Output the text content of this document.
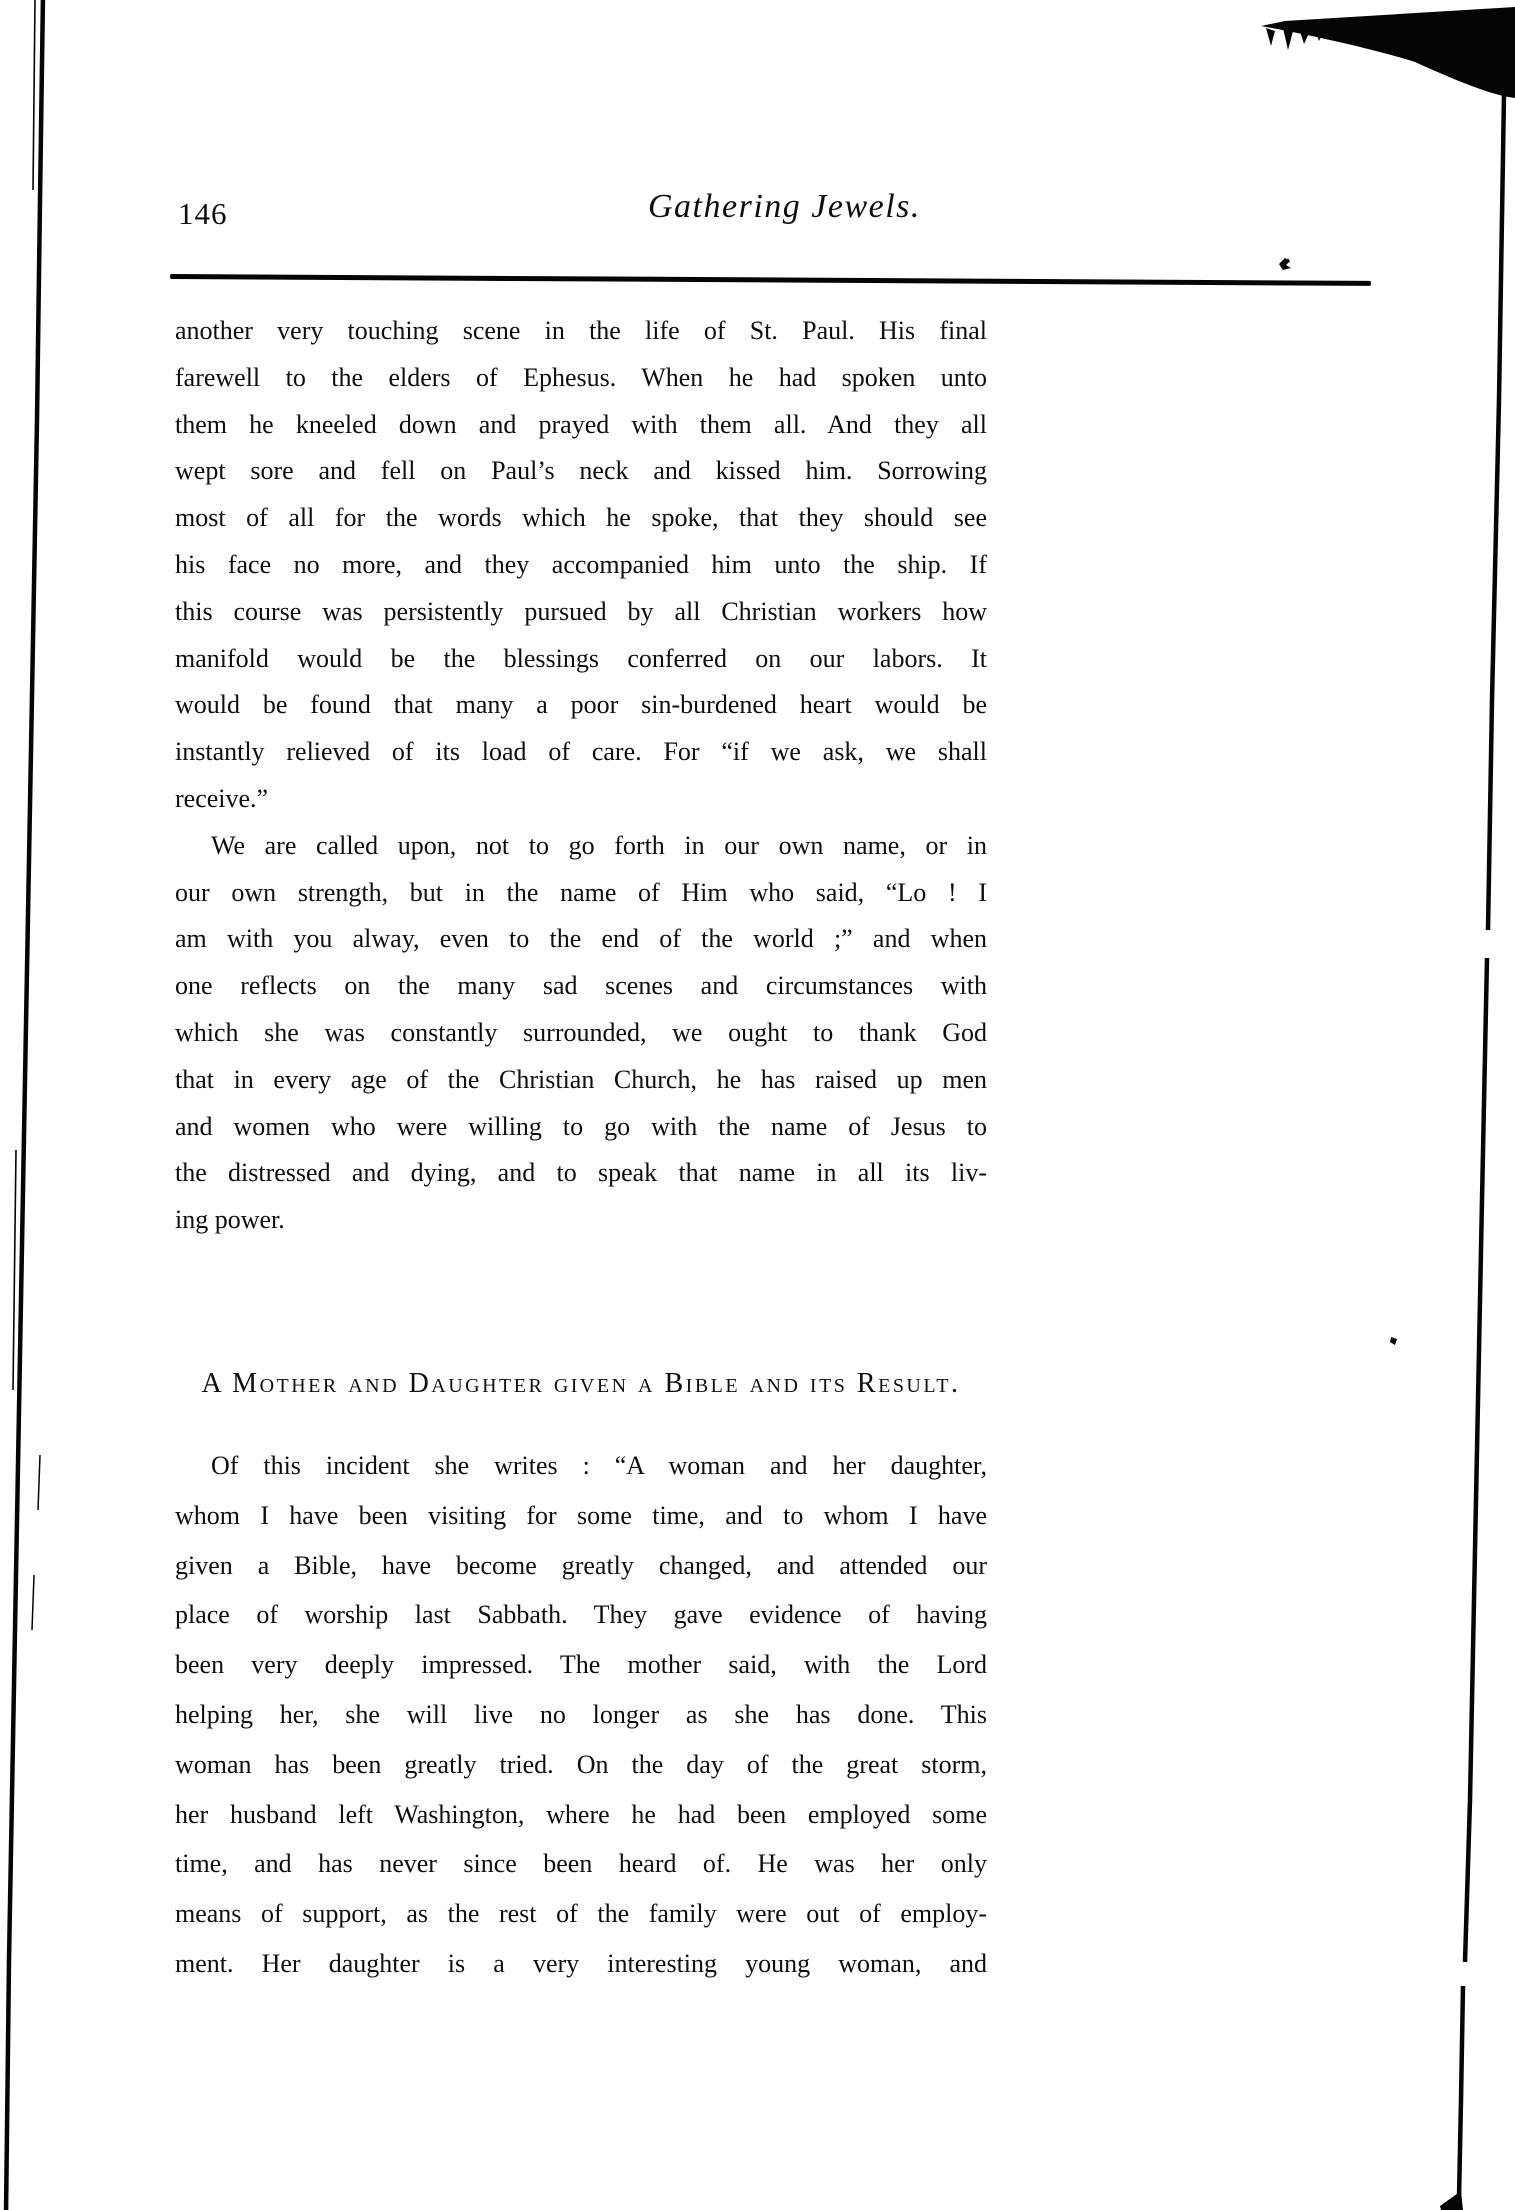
146	Gathering Jewels.
another very touching scene in the life of St. Paul. His final
farewell to the elders of Ephesus. When he had spoken unto
them he kneeled down and prayed with them all. And they all
wept sore and fell on Paul’s neck and kissed him. Sorrowing
most of all for the words which he spoke, that they should see
his face no more, and they accompanied him unto the ship. If
this course was persistently pursued by all Christian workers how
manifold would be the blessings conferred on our labors. It
would be found that many a poor sin-burdened heart would be
instantly relieved of its load of care. For “if we ask, we shall
receive.”
We are called upon, not to go forth in our own name, or in
our own strength, but in the name of Him who said, “Lo ! I
am with you alway, even to the end of the world ;” and when
one reflects on the many sad scenes and circumstances with
which she was constantly surrounded, we ought to thank God
that in every age of the Christian Church, he has raised up men
and women who were willing to go with the name of Jesus to
the distressed and dying, and to speak that name in all its liv-
ing power.
A Mother and Daughter given a Bible and its Result.
Of this incident she writes : “A woman and her daughter,
whom I have been visiting for some time, and to whom I have
given a Bible, have become greatly changed, and attended our
place of worship last Sabbath. They gave evidence of having
been very deeply impressed. The mother said, with the Lord
helping her, she will live no longer as she has done. This
woman has been greatly tried. On the day of the great storm,
her husband left Washington, where he had been employed some
time, and has never since been heard of. He was her only
means of support, as the rest of the family were out of employ-
ment. Her daughter is a very interesting young woman, and
